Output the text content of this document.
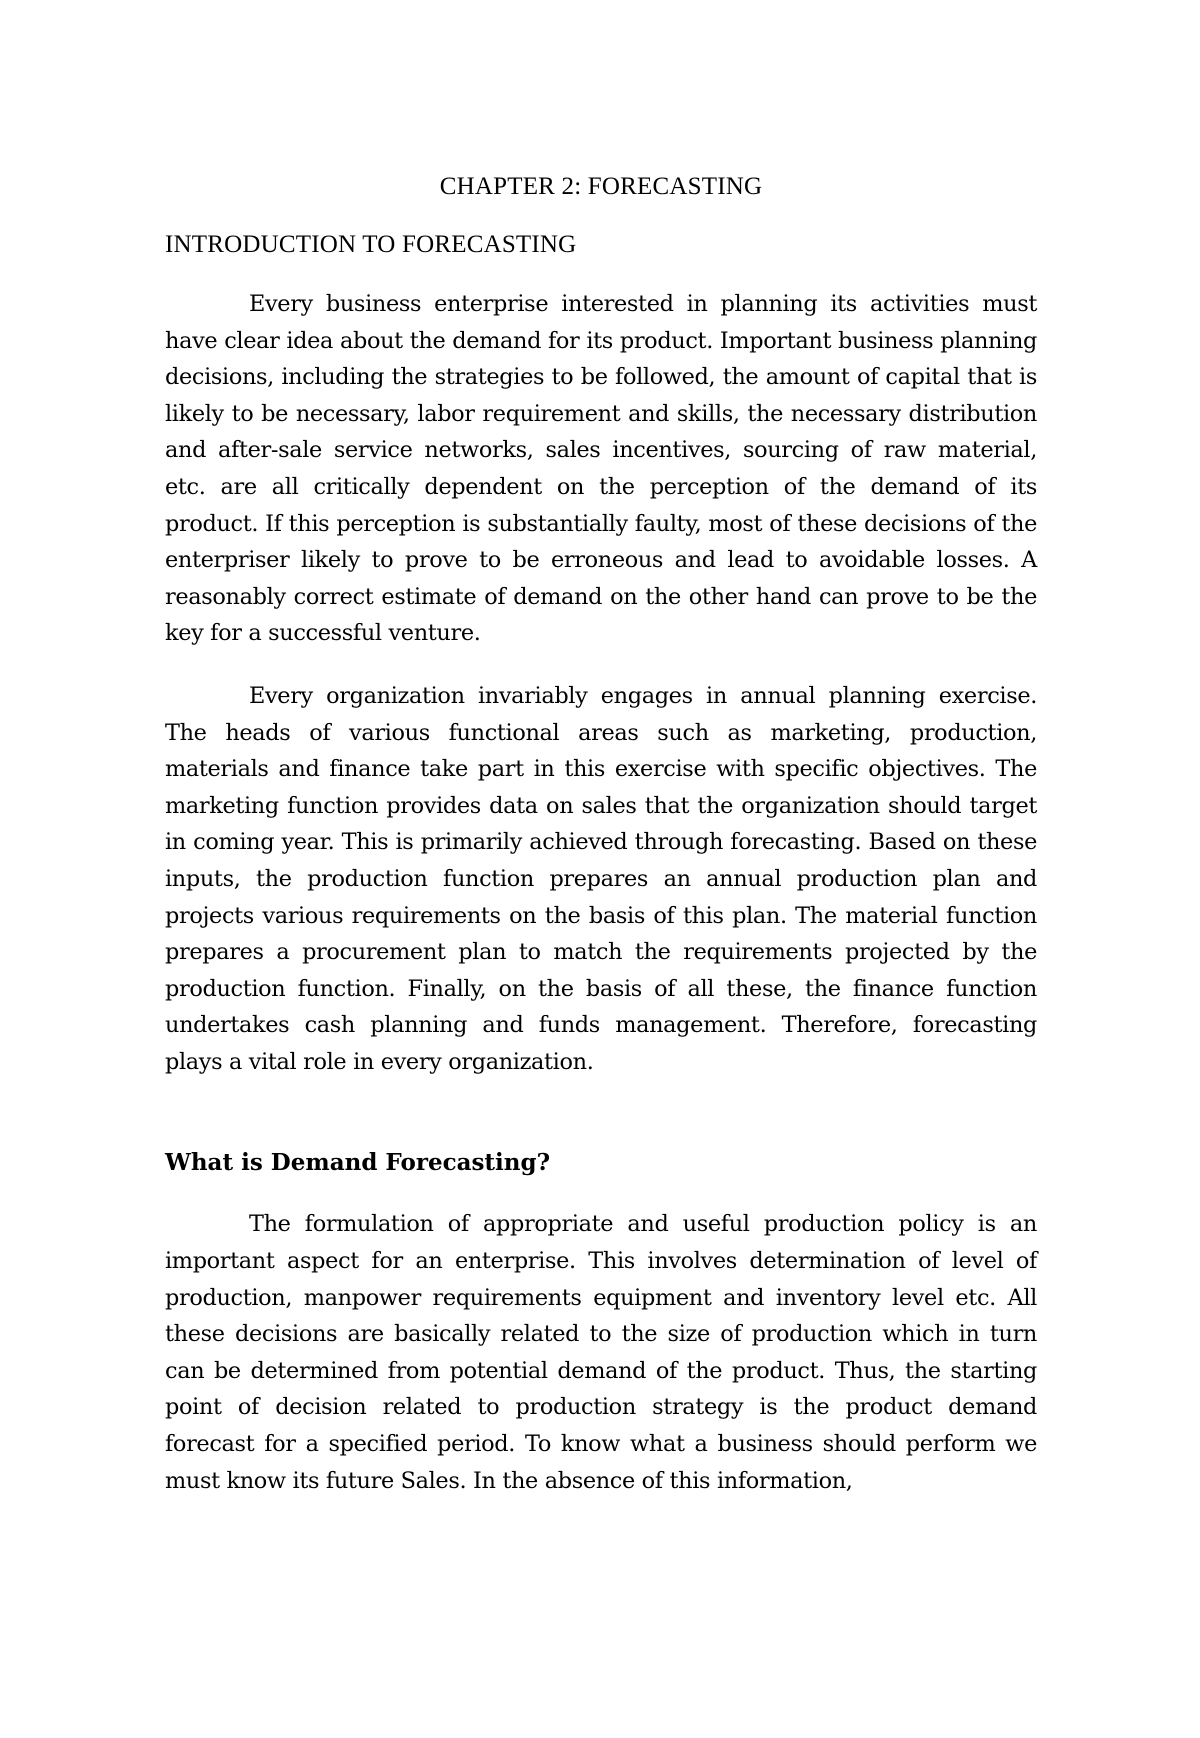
CHAPTER 2: FORECASTING
INTRODUCTION TO FORECASTING

Every business enterprise interested in planning its activities must have clear idea about the demand for its product. Important business planning decisions, including the strategies to be followed, the amount of capital that is likely to be necessary, labor requirement and skills, the necessary distribution and after-sale service networks, sales incentives, sourcing of raw material, etc. are all critically dependent on the perception of the demand of its product. If this perception is substantially faulty, most of these decisions of the enterpriser likely to prove to be erroneous and lead to avoidable losses. A reasonably correct estimate of demand on the other hand can prove to be the key for a successful venture.

Every organization invariably engages in annual planning exercise. The heads of various functional areas such as marketing, production, materials and finance take part in this exercise with specific objectives. The marketing function provides data on sales that the organization should target in coming year. This is primarily achieved through forecasting. Based on these inputs, the production function prepares an annual production plan and projects various requirements on the basis of this plan. The material function prepares a procurement plan to match the requirements projected by the production function. Finally, on the basis of all these, the finance function undertakes cash planning and funds management. Therefore, forecasting plays a vital role in every organization.

What is Demand Forecasting?

The formulation of appropriate and useful production policy is an important aspect for an enterprise. This involves determination of level of production, manpower requirements equipment and inventory level etc. All these decisions are basically related to the size of production which in turn can be determined from potential demand of the product. Thus, the starting point of decision related to production strategy is the product demand forecast for a specified period. To know what a business should perform we must know its future Sales. In the absence of this information,
